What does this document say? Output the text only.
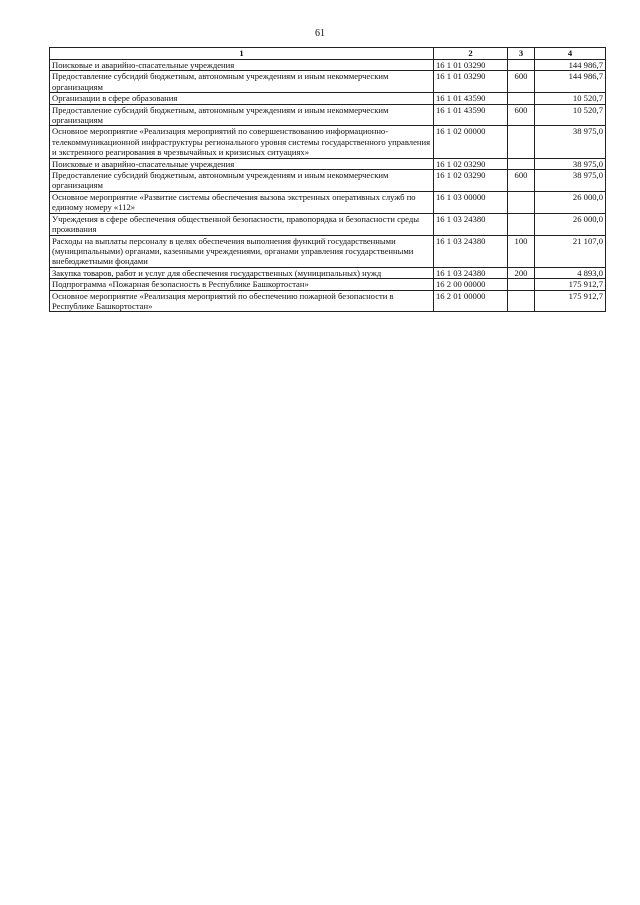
61
1	2	3	4
Поисковые и аварийно-спасательные учреждения	16 1 01 03290		144 986,7
Предоставление субсидий бюджетным, автономным учреждениям и иным некоммерческим организациям	16 1 01 03290	600	144 986,7
Организации в сфере образования	16 1 01 43590		10 520,7
Предоставление субсидий бюджетным, автономным учреждениям и иным некоммерческим организациям	16 1 01 43590	600	10 520,7
Основное мероприятие «Реализация мероприятий по совершенствованию информационно-телекоммуникационной инфраструктуры регионального уровня системы государственного управления и экстренного реагирования в чрезвычайных и кризисных ситуациях»	16 1 02 00000		38 975,0
Поисковые и аварийно-спасательные учреждения	16 1 02 03290		38 975,0
Предоставление субсидий бюджетным, автономным учреждениям и иным некоммерческим организациям	16 1 02 03290	600	38 975,0
Основное мероприятие «Развитие системы обеспечения вызова экстренных оперативных служб по единому номеру «112»	16 1 03 00000		26 000,0
Учреждения в сфере обеспечения общественной безопасности, правопорядка и безопасности среды проживания	16 1 03 24380		26 000,0
Расходы на выплаты персоналу в целях обеспечения выполнения функций государственными (муниципальными) органами, казенными учреждениями, органами управления государственными внебюджетными фондами	16 1 03 24380	100	21 107,0
Закупка товаров, работ и услуг для обеспечения государственных (муниципальных) нужд	16 1 03 24380	200	4 893,0
Подпрограмма «Пожарная безопасность в Республике Башкортостан»	16 2 00 00000		175 912,7
Основное мероприятие «Реализация мероприятий по обеспечению пожарной безопасности в Республике Башкортостан»	16 2 01 00000		175 912,7
